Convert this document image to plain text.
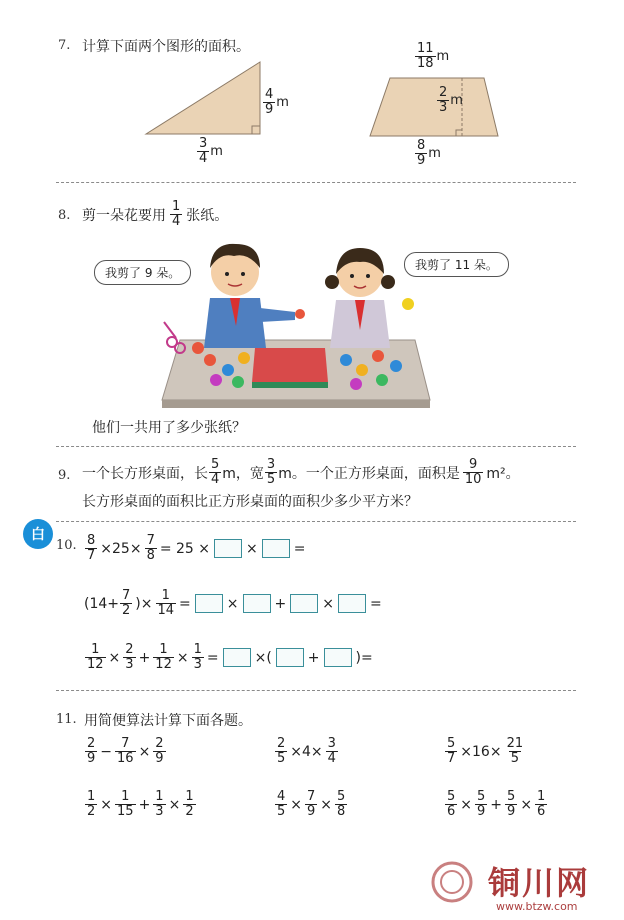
7. 计算下面两个图形的面积。
$\frac{4}{9}$ m
$\frac{3}{4}$ m
$\frac{11}{18}$ m
$\frac{2}{3}$ m
$\frac{8}{9}$ m
8. 剪一朵花要用 $\frac{1}{4}$ 张纸。
我剪了 9 朵。
我剪了 11 朵。
他们一共用了多少张纸？
9. 一个长方形桌面，长 $\frac{5}{4}$ m，宽 $\frac{3}{5}$ m。一个正方形桌面，面积是 $\frac{9}{10} m^2$。
长方形桌面的面积比正方形桌面的面积少多少平方米？
白
10. $\frac{8}{7} \times 25\times \frac{7}{8} = 25$ ×	×	=
($14+ \frac{7}{2}$ )× $\frac{1}{14}$ =	×	+	×	=
$\frac{1}{12} \times \frac{2}{3} + \frac{1}{12} \times \frac{1}{3}$ =	×(	+	)=
11. 用简便算法计算下面各题。
$\frac{2}{9} - \frac{7}{16} \times \frac{2}{9}$	$\frac{2}{5} \times 4\times \frac{3}{4}$	$\frac{5}{7} \times 16\times \frac{21}{5}$
$\frac{1}{2} \times \frac{1}{15} + \frac{1}{3} \times \frac{1}{2}$	$\frac{4}{5} \times \frac{7}{9} \times \frac{5}{8}$	$\frac{5}{6} \times \frac{5}{9} + \frac{5}{9} \times \frac{1}{6}$
铜川网
www.btzw.com
